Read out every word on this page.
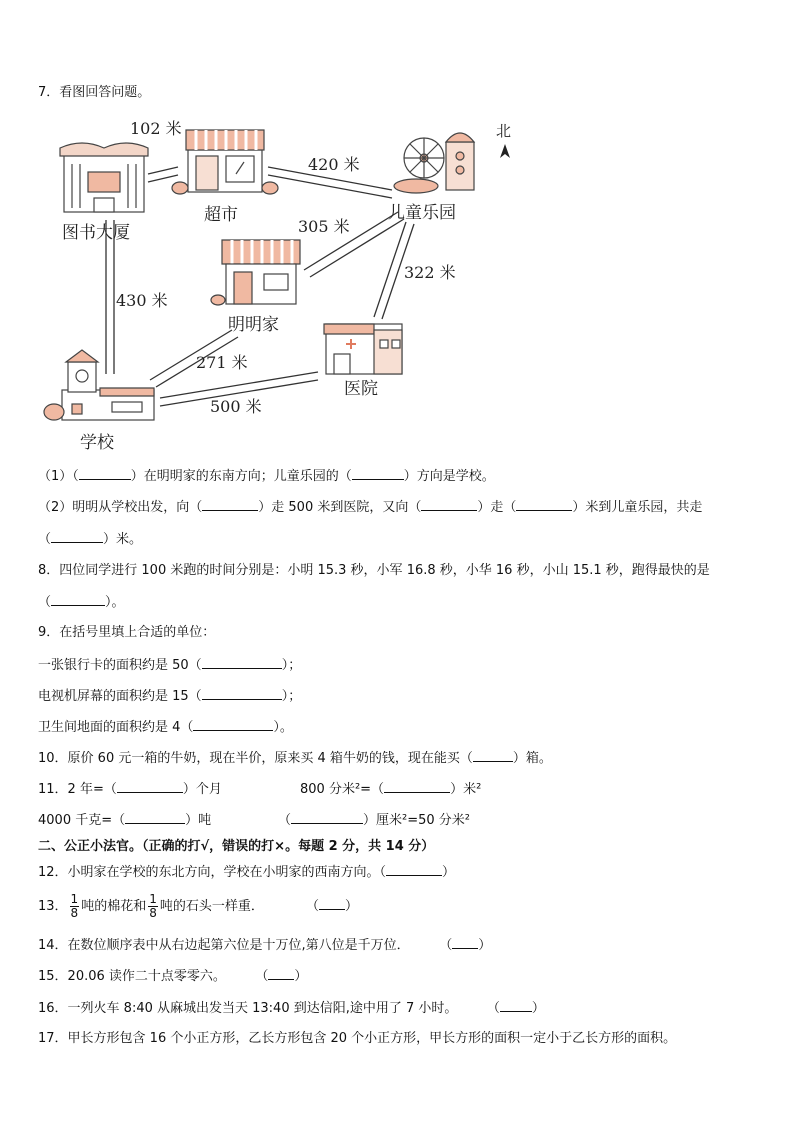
7．看图回答问题。
北
图书大厦
超市	儿童乐园
明明家
医院
学校
102 米
420 米
305 米
322 米
430 米
271 米
500 米
（1）（	）在明明家的东南方向；儿童乐园的（	）方向是学校。
（2）明明从学校出发，向（	）走 500 米到医院，又向（	）走（	）米到儿童乐园，共走
（	）米。
8．四位同学进行 100 米跑的时间分别是：小明 15.3 秒，小军 16.8 秒，小华 16 秒，小山 15.1 秒，跑得最快的是
（	）。
9．在括号里填上合适的单位：
一张银行卡的面积约是 50（	）；
电视机屏幕的面积约是 15（	）；
卫生间地面的面积约是 4（	）。
10．原价 60 元一箱的牛奶，现在半价，原来买 4 箱牛奶的钱，现在能买（	）箱。
11．2 年=（	）个月	800 分米²=（	）米²
4000 千克=（	）吨	（	）厘米²=50 分米²
二、公正小法官。（正确的打√，错误的打×。每题 2 分，共 14 分）
12．小明家在学校的东北方向，学校在小明家的西南方向。（	）
13． $\frac{1}{8}$ 吨的棉花和 $\frac{1}{8}$ 吨的石头一样重．	（ ）
14．在数位顺序表中从右边起第六位是十万位,第八位是千万位．	（ ）
15．20.06 读作二十点零零六。	（ ）
16．一列火车 8:40 从麻城出发当天 13:40 到达信阳,途中用了 7 小时。	（ ）
17．甲长方形包含 16 个小正方形，乙长方形包含 20 个小正方形，甲长方形的面积一定小于乙长方形的面积。
